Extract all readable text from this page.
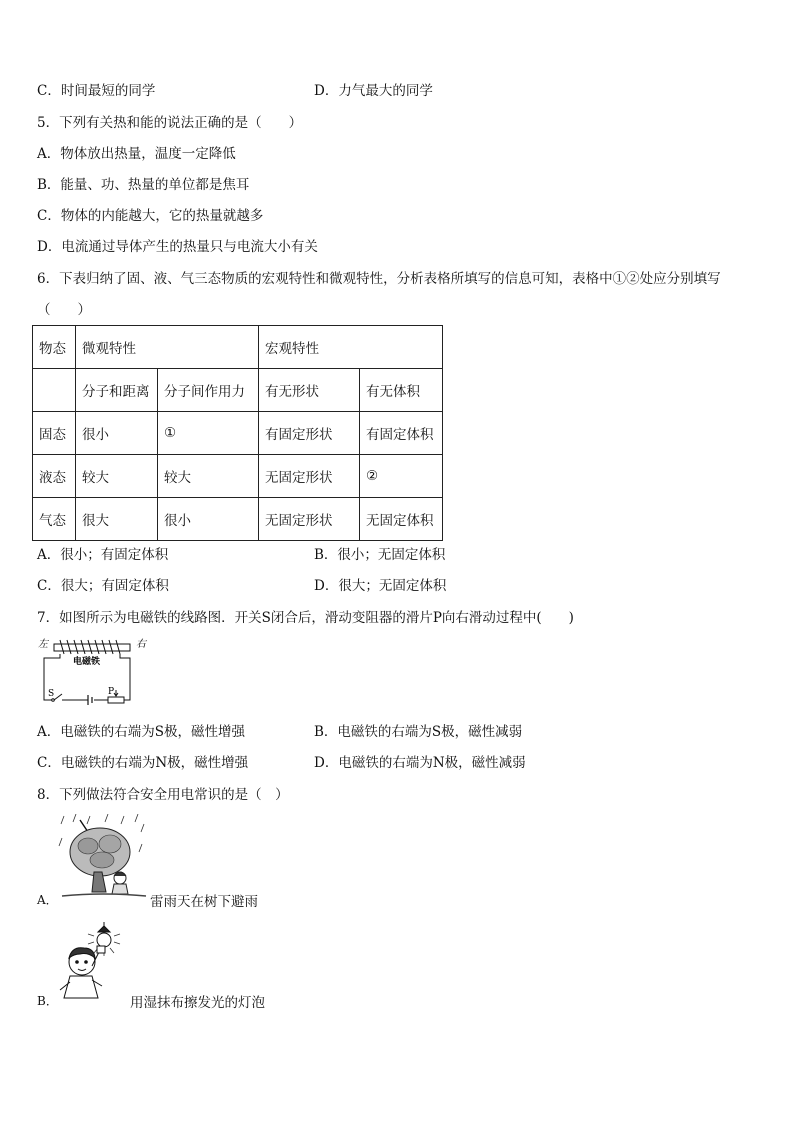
C．时间最短的同学	D．力气最大的同学
5．下列有关热和能的说法正确的是（　　）
A．物体放出热量，温度一定降低
B．能量、功、热量的单位都是焦耳
C．物体的内能越大，它的热量就越多
D．电流通过导体产生的热量只与电流大小有关
6．下表归纳了固、液、气三态物质的宏观特性和微观特性，分析表格所填写的信息可知，表格中①②处应分别填写
（　　）
物态	微观特性		宏观特性	
	分子和距离	分子间作用力	有无形状	有无体积
固态	很小	①	有固定形状	有固定体积
液态	较大	较大	无固定形状	②
气态	很大	很小	无固定形状	无固定体积
A．很小；有固定体积	B．很小；无固定体积
C．很大；有固定体积	D．很大；无固定体积
7．如图所示为电磁铁的线路图．开关S闭合后，滑动变阻器的滑片P向右滑动过程中(　　)
左	右
电磁铁
S	P
A．电磁铁的右端为S极，磁性增强	B．电磁铁的右端为S极，磁性减弱
C．电磁铁的右端为N极，磁性增强	D．电磁铁的右端为N极，磁性减弱
8．下列做法符合安全用电常识的是（　）
A．	雷雨天在树下避雨
B．	用湿抹布擦发光的灯泡
